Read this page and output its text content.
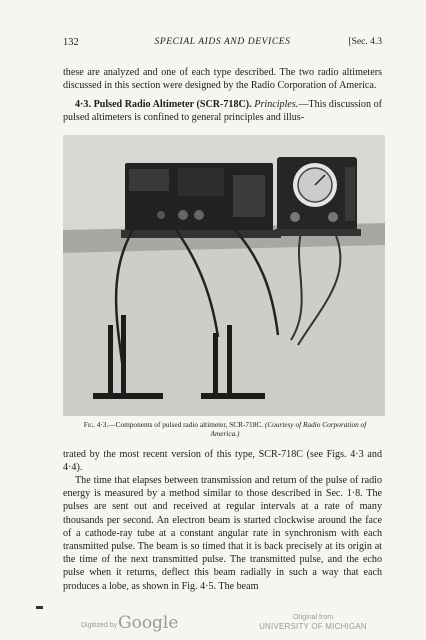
132	SPECIAL AIDS AND DEVICES	[Sec. 4.3

these are analyzed and one of each type described. The two radio altimeters discussed in this section were designed by the Radio Corporation of America.

4·3. Pulsed Radio Altimeter (SCR-718C). Principles.—This discussion of pulsed altimeters is confined to general principles and illus-

Fig. 4·3.—Components of pulsed radio altimeter, SCR-718C. (Courtesy of Radio Corporation of America.)

trated by the most recent version of this type, SCR-718C (see Figs. 4·3 and 4·4).

The time that elapses between transmission and return of the pulse of radio energy is measured by a method similar to those described in Sec. 1·8. The pulses are sent out and received at regular intervals at a rate of many thousands per second. An electron beam is started clockwise around the face of a cathode-ray tube at a constant angular rate in synchronism with each transmitted pulse. The beam is so timed that it is back precisely at its origin at the time of the next transmitted pulse. The transmitted pulse, and the echo pulse when it returns, deflect this beam radially in such a way that each produces a lobe, as shown in Fig. 4·5. The beam

Digitized by Google	Original from
UNIVERSITY OF MICHIGAN
